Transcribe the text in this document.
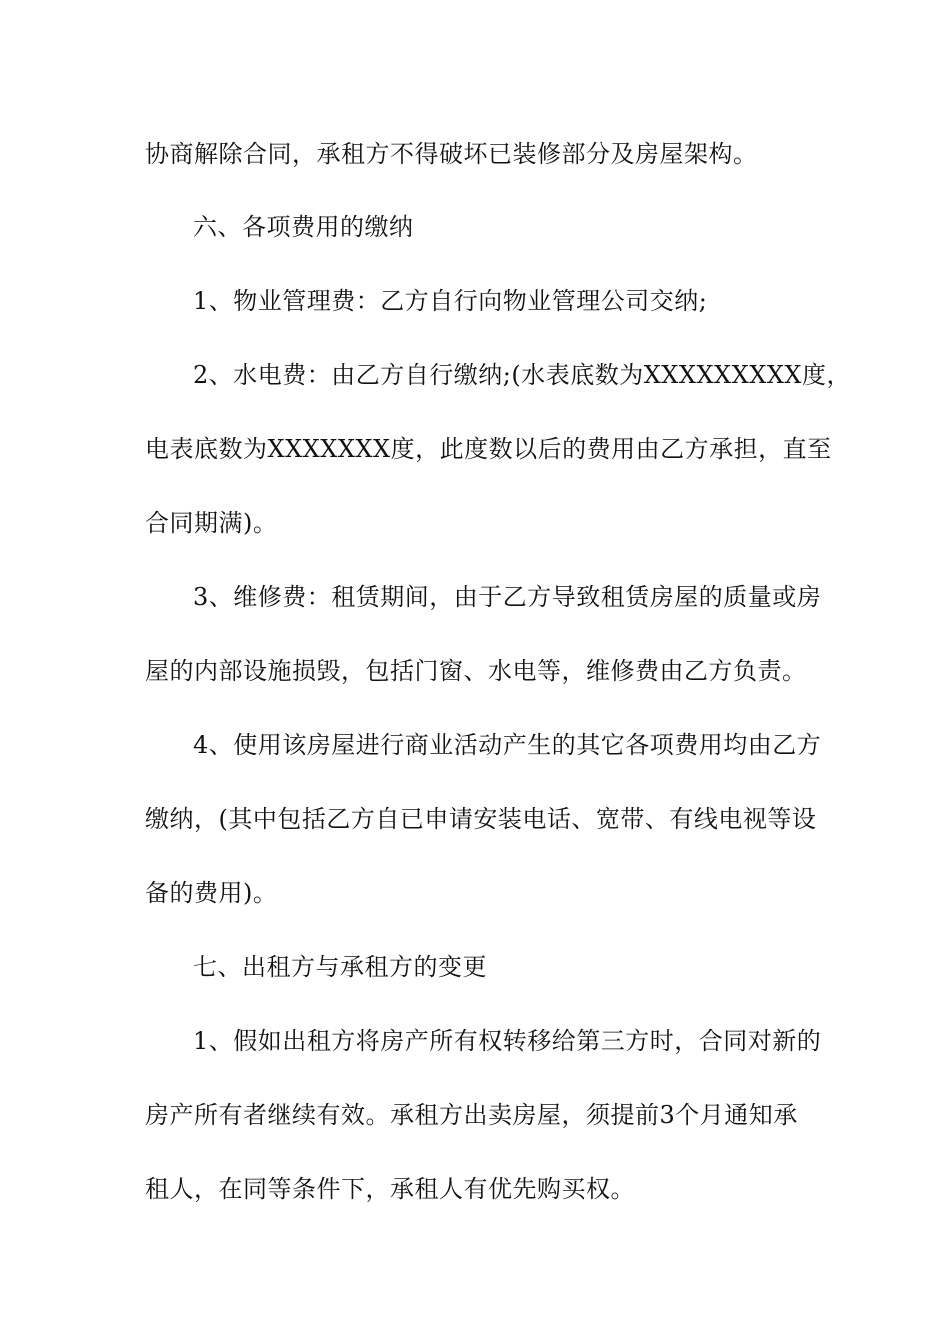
协商解除合同，承租方不得破坏已装修部分及房屋架构。
六、各项费用的缴纳
1、物业管理费：乙方自行向物业管理公司交纳;
2、水电费：由乙方自行缴纳;(水表底数为XXXXXXXXX度，
电表底数为XXXXXXX度，此度数以后的费用由乙方承担，直至
合同期满)。
3、维修费：租赁期间，由于乙方导致租赁房屋的质量或房
屋的内部设施损毁，包括门窗、水电等，维修费由乙方负责。
4、使用该房屋进行商业活动产生的其它各项费用均由乙方
缴纳，(其中包括乙方自已申请安装电话、宽带、有线电视等设
备的费用)。
七、出租方与承租方的变更
1、假如出租方将房产所有权转移给第三方时，合同对新的
房产所有者继续有效。承租方出卖房屋，须提前3个月通知承
租人，在同等条件下，承租人有优先购买权。
